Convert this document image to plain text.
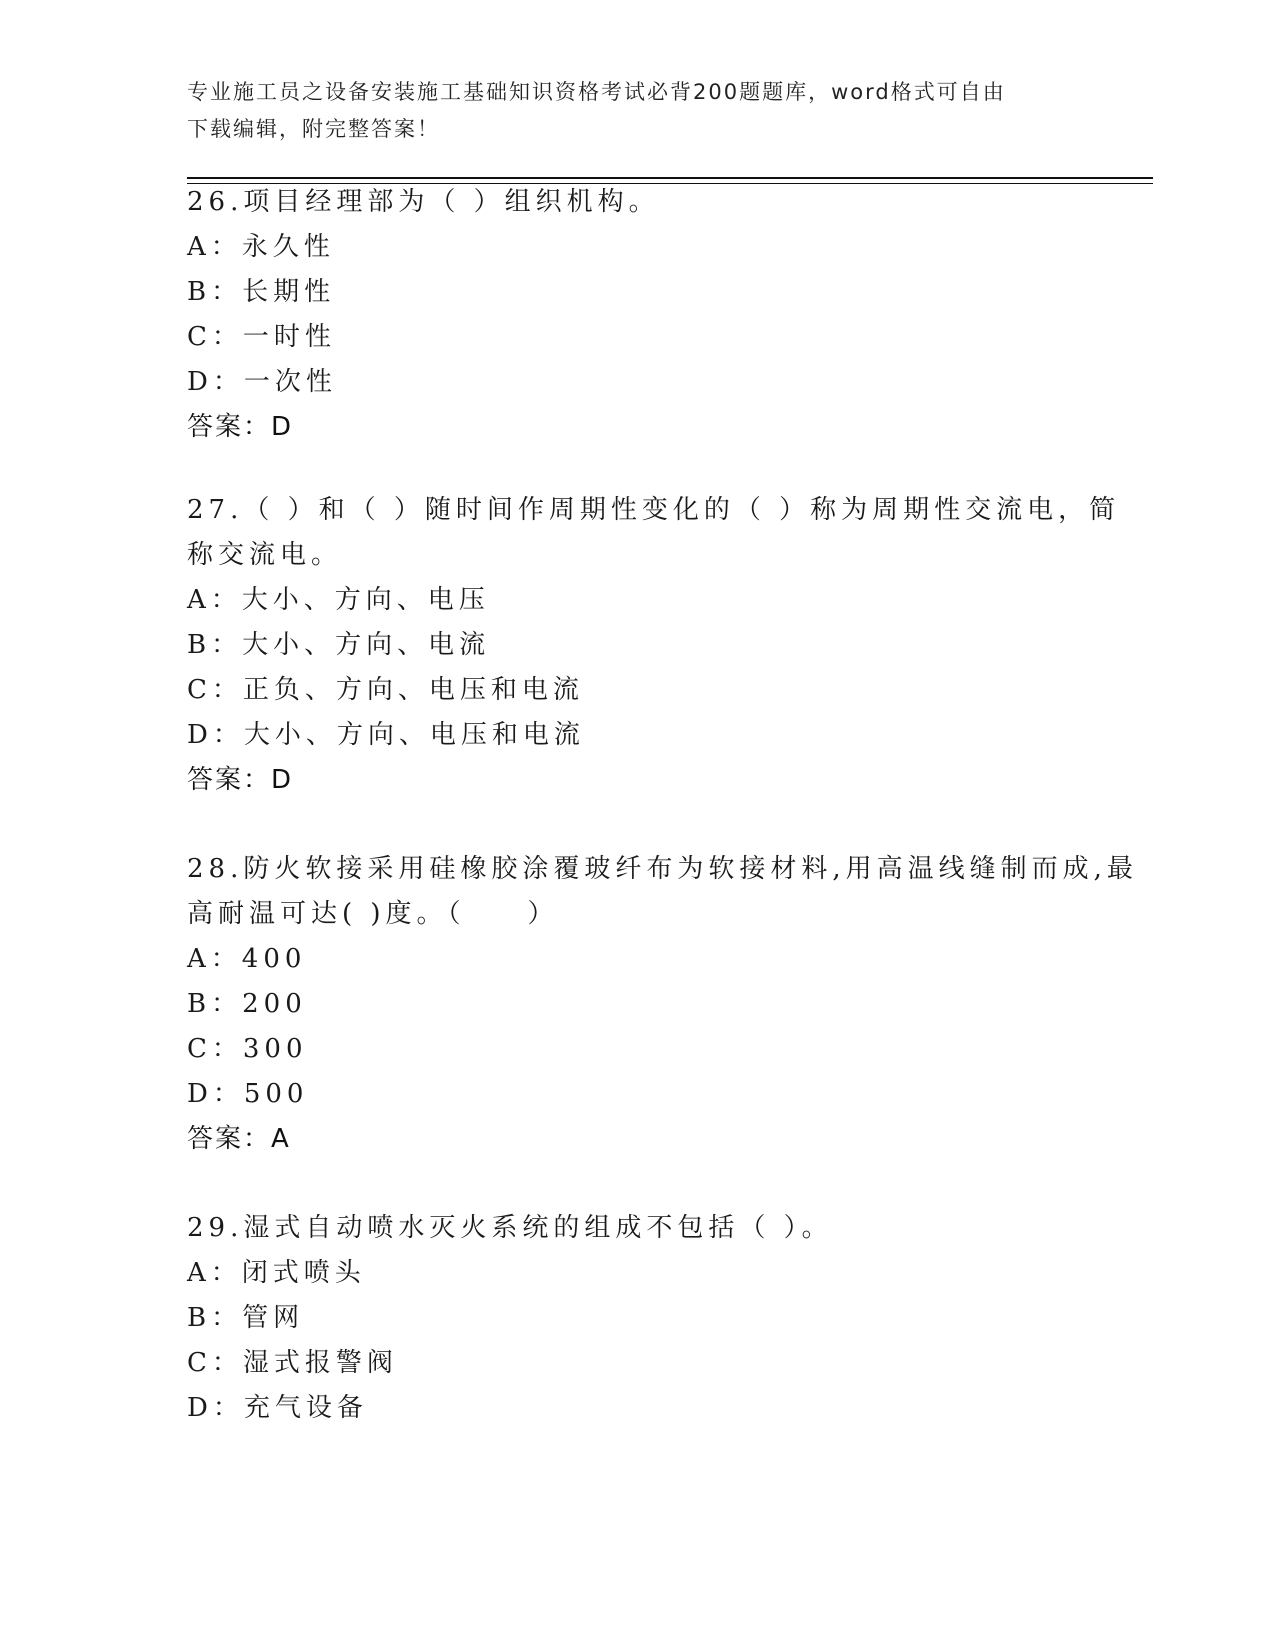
专业施工员之设备安装施工基础知识资格考试必背200题题库，word格式可自由
下载编辑，附完整答案！
26.项目经理部为（ ）组织机构。
A：永久性
B：长期性
C：一时性
D：一次性
答案：D
27.（ ）和（ ）随时间作周期性变化的（ ）称为周期性交流电，简
称交流电。
A：大小、方向、电压
B：大小、方向、电流
C：正负、方向、电压和电流
D：大小、方向、电压和电流
答案：D
28.防火软接采用硅橡胶涂覆玻纤布为软接材料,用高温线缝制而成,最
高耐温可达( )度。（　　）
A：400
B：200
C：300
D：500
答案：A
29.湿式自动喷水灭火系统的组成不包括（ ）。
A：闭式喷头
B：管网
C：湿式报警阀
D：充气设备
